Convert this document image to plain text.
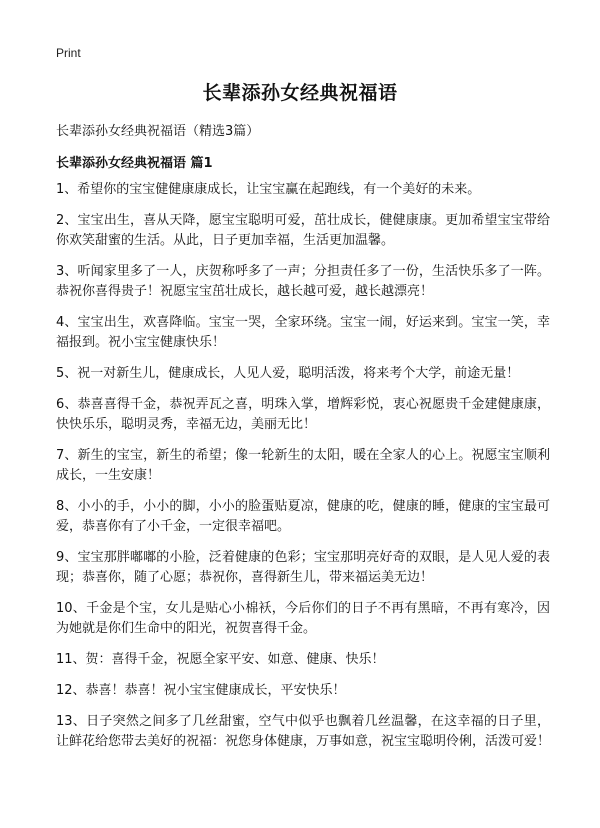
Print
长辈添孙女经典祝福语

长辈添孙女经典祝福语（精选3篇）

长辈添孙女经典祝福语 篇1
1、希望你的宝宝健健康康成长，让宝宝赢在起跑线，有一个美好的未来。
2、宝宝出生，喜从天降，愿宝宝聪明可爱，茁壮成长，健健康康。更加希望宝宝带给你欢笑甜蜜的生活。从此，日子更加幸福，生活更加温馨。
3、听闻家里多了一人，庆贺称呼多了一声；分担责任多了一份，生活快乐多了一阵。恭祝你喜得贵子！祝愿宝宝茁壮成长，越长越可爱，越长越漂亮！
4、宝宝出生，欢喜降临。宝宝一哭，全家环绕。宝宝一闹，好运来到。宝宝一笑，幸福报到。祝小宝宝健康快乐！
5、祝一对新生儿，健康成长，人见人爱，聪明活泼，将来考个大学，前途无量！
6、恭喜喜得千金，恭祝弄瓦之喜，明珠入掌，增辉彩悦，衷心祝愿贵千金建健康康，快快乐乐，聪明灵秀，幸福无边，美丽无比！
7、新生的宝宝，新生的希望；像一轮新生的太阳，暖在全家人的心上。祝愿宝宝顺利成长，一生安康！
8、小小的手，小小的脚，小小的脸蛋贴夏凉，健康的吃，健康的睡，健康的宝宝最可爱，恭喜你有了小千金，一定很幸福吧。
9、宝宝那胖嘟嘟的小脸，泛着健康的色彩；宝宝那明亮好奇的双眼，是人见人爱的表现；恭喜你，随了心愿；恭祝你，喜得新生儿，带来福运美无边！
10、千金是个宝，女儿是贴心小棉袄，今后你们的日子不再有黑暗，不再有寒冷，因为她就是你们生命中的阳光，祝贺喜得千金。
11、贺：喜得千金，祝愿全家平安、如意、健康、快乐！
12、恭喜！恭喜！祝小宝宝健康成长，平安快乐！
13、日子突然之间多了几丝甜蜜，空气中似乎也飘着几丝温馨，在这幸福的日子里，让鲜花给您带去美好的祝福：祝您身体健康，万事如意，祝宝宝聪明伶俐，活泼可爱！
